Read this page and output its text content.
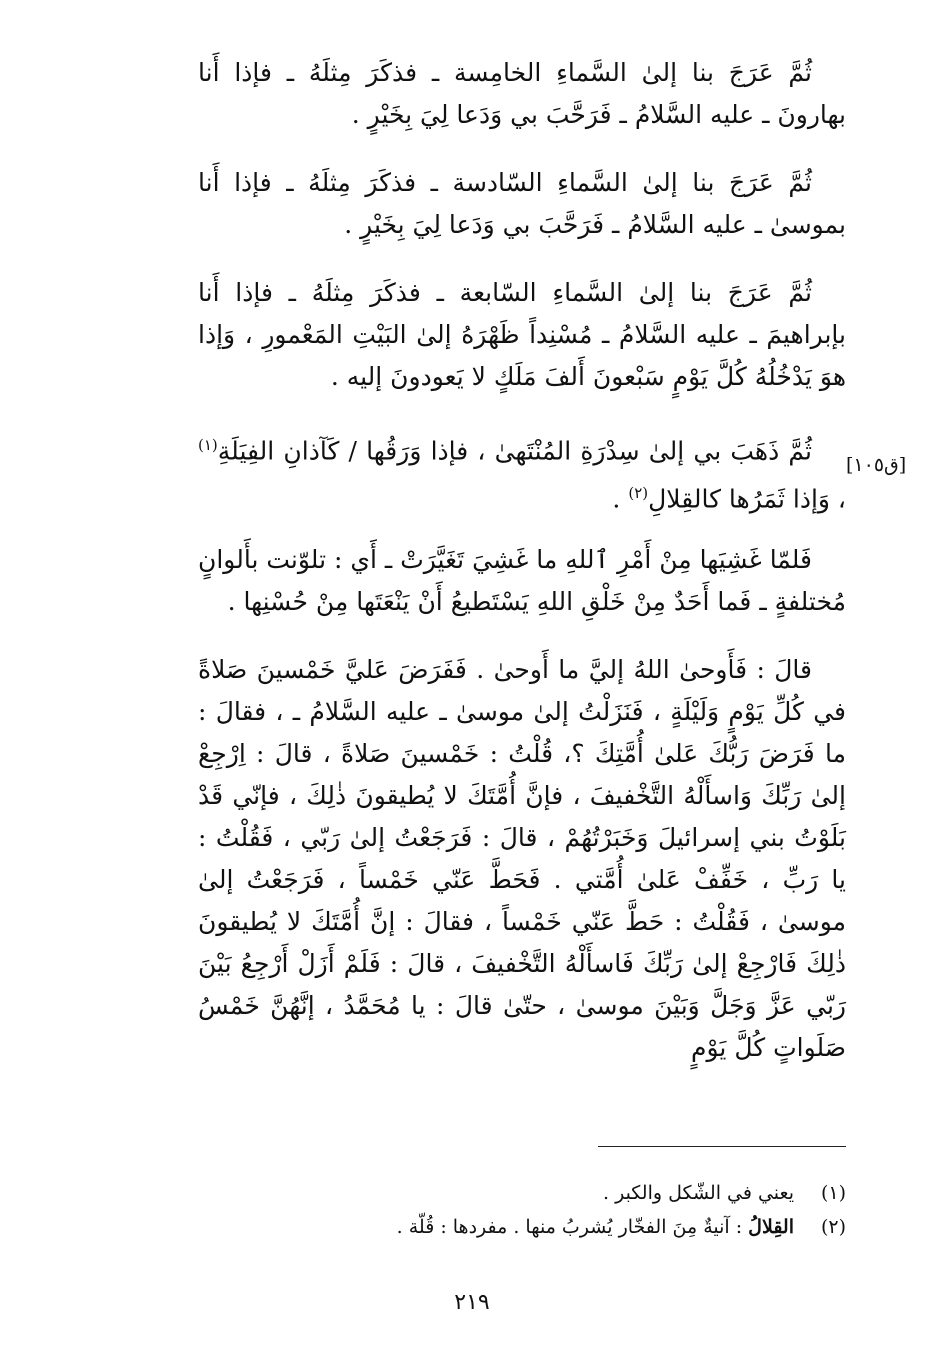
ثُمَّ عَرَجَ بنا إلىٰ السَّماءِ الخامِسة ـ فذكَرَ مِثلَهُ ـ فإذا أَنا بهارونَ ـ عليه السَّلامُ ـ فَرَحَّبَ بي وَدَعا لِيَ بِخَيْرٍ .

ثُمَّ عَرَجَ بنا إلىٰ السَّماءِ السّادسة ـ فذكَرَ مِثلَهُ ـ فإذا أَنا بموسىٰ ـ عليه السَّلامُ ـ فَرَحَّبَ بي وَدَعا لِيَ بِخَيْرٍ .

ثُمَّ عَرَجَ بنا إلىٰ السَّماءِ السّابعة ـ فذكَرَ مِثلَهُ ـ فإذا أَنا بإبراهيمَ ـ عليه السَّلامُ ـ مُسْنِداً ظَهْرَهُ إلىٰ البَيْتِ المَعْمورِ ، وَإذا هوَ يَدْخُلُهُ كُلَّ يَوْمٍ سَبْعونَ أَلفَ مَلَكٍ لا يَعودونَ إليه .

ثُمَّ ذَهَبَ بي إلىٰ سِدْرَةِ المُنْتَهىٰ ، فإذا وَرَقُها / كَآذانِ الفِيَلَةِ$^{(١)}$ ، وَإذا ثَمَرُها كالقِلالِ$^{(٢)}$ .

فَلمّا غَشِيَها مِنْ أَمْرِ ٱللهِ ما غَشِيَ تَغَيَّرَتْ ـ أَي : تلوّنت بأَلوانٍ مُختلفةٍ ـ فَما أَحَدٌ مِنْ خَلْقِ اللهِ يَسْتَطيعُ أَنْ يَنْعَتَها مِنْ حُسْنِها .

قالَ : فَأَوحىٰ اللهُ إليَّ ما أَوحىٰ . فَفَرَضَ عَليَّ خَمْسينَ صَلاةً في كُلِّ يَوْمٍ وَلَيْلَةٍ ، فَنَزَلْتُ إلىٰ موسىٰ ـ عليه السَّلامُ ـ ، فقالَ : ما فَرَضَ رَبُّكَ عَلىٰ أُمَّتِكَ ؟، قُلْتُ : خَمْسينَ صَلاةً ، قالَ : اِرْجِعْ إلىٰ رَبِّكَ وَاسأَلْهُ التَّخْفيفَ ، فإنَّ أُمَّتَكَ لا يُطيقونَ ذٰلِكَ ، فإنّي قَدْ بَلَوْتُ بني إسرائيلَ وَخَبَرْتُهُمْ ، قالَ : فَرَجَعْتُ إلىٰ رَبّي ، فَقُلْتُ : يا رَبِّ ، خَفِّفْ عَلىٰ أُمَّتي . فَحَطَّ عَنّي خَمْساً ، فَرَجَعْتُ إلىٰ موسىٰ ، فَقُلْتُ : حَطَّ عَنّي خَمْساً ، فقالَ : إنَّ أُمَّتَكَ لا يُطيقونَ ذٰلِكَ فَارْجِعْ إلىٰ رَبِّكَ فَاسأَلْهُ التَّخْفيفَ ، قالَ : فَلَمْ أَزَلْ أَرْجِعُ بَيْنَ رَبّي عَزَّ وَجَلَّ وَبَيْنَ موسىٰ ، حتّىٰ قالَ : يا مُحَمَّدُ ، إنَّهُنَّ خَمْسُ صَلَواتٍ كُلَّ يَوْمٍ

[ق١٠٥]
(١)
يعني في الشّكل والكبر .
(٢)
القِلالُ : آنيةٌ مِنَ الفخّار يُشربُ منها . مفردها : قُلّة .
٢١٩
